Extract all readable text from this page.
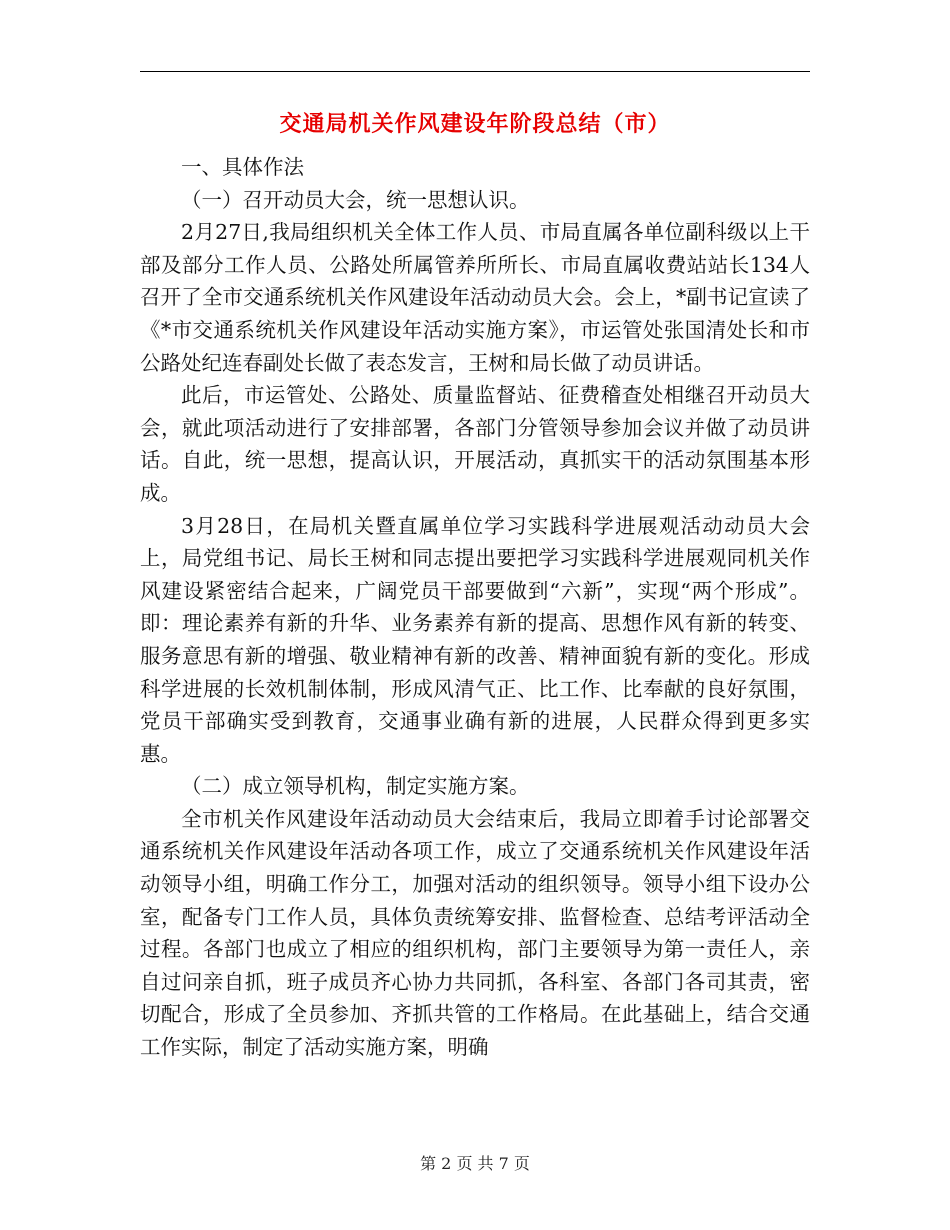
交通局机关作风建设年阶段总结（市）

一、具体作法

（一）召开动员大会，统一思想认识。

2月27日,我局组织机关全体工作人员、市局直属各单位副科级以上干部及部分工作人员、公路处所属管养所所长、市局直属收费站站长134人召开了全市交通系统机关作风建设年活动动员大会。会上，*副书记宣读了《*市交通系统机关作风建设年活动实施方案》，市运管处张国清处长和市公路处纪连春副处长做了表态发言，王树和局长做了动员讲话。

此后，市运管处、公路处、质量监督站、征费稽查处相继召开动员大会，就此项活动进行了安排部署，各部门分管领导参加会议并做了动员讲话。自此，统一思想，提高认识，开展活动，真抓实干的活动氛围基本形成。

3月28日，在局机关暨直属单位学习实践科学进展观活动动员大会上，局党组书记、局长王树和同志提出要把学习实践科学进展观同机关作风建设紧密结合起来，广阔党员干部要做到“六新”，实现“两个形成”。即：理论素养有新的升华、业务素养有新的提高、思想作风有新的转变、服务意思有新的增强、敬业精神有新的改善、精神面貌有新的变化。形成科学进展的长效机制体制，形成风清气正、比工作、比奉献的良好氛围，党员干部确实受到教育，交通事业确有新的进展，人民群众得到更多实惠。

（二）成立领导机构，制定实施方案。

全市机关作风建设年活动动员大会结束后，我局立即着手讨论部署交通系统机关作风建设年活动各项工作，成立了交通系统机关作风建设年活动领导小组，明确工作分工，加强对活动的组织领导。领导小组下设办公室，配备专门工作人员，具体负责统筹安排、监督检查、总结考评活动全过程。各部门也成立了相应的组织机构，部门主要领导为第一责任人，亲自过问亲自抓，班子成员齐心协力共同抓，各科室、各部门各司其责，密切配合，形成了全员参加、齐抓共管的工作格局。在此基础上，结合交通工作实际，制定了活动实施方案，明确

第 2 页 共 7 页
